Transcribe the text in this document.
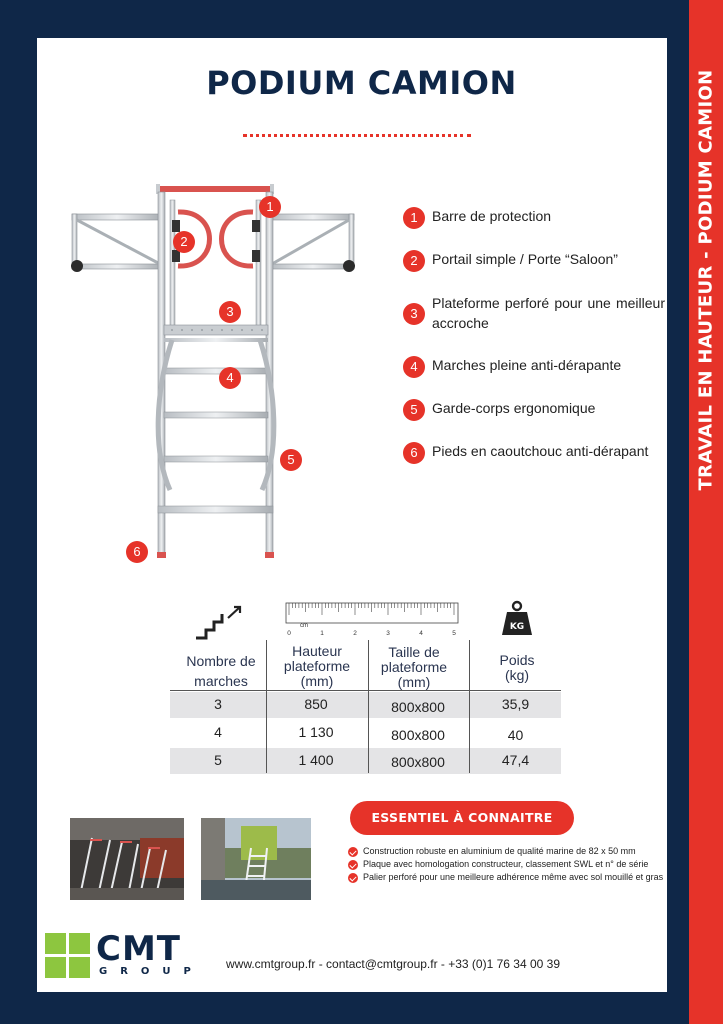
TRAVAIL EN HAUTEUR - PODIUM CAMION
PODIUM CAMION
1
2
3
4
5
6
1	Barre de protection
2	Portail simple / Porte “Saloon”
3
Plateforme perforé pour une meilleur accroche
4	Marches pleine anti-dérapante
5	Garde-corps ergonomique
6	Pieds en caoutchouc anti-dérapant
cm
0	1	2	3	4	5
KG
Nombre de
marches
Hauteur
plateforme
(mm)
Taille de
plateforme
(mm)
Poids
(kg)
3	850	800x800	35,9
4	1 130	800x800	40
5	1 400	800x800	47,4
ESSENTIEL À CONNAITRE
Construction robuste en aluminium de qualité marine de 82 x 50 mm
Plaque avec homologation constructeur, classement SWL et n° de série
Palier perforé pour une meilleure adhérence même avec sol mouillé et gras
CMT
GROUP
www.cmtgroup.fr - contact@cmtgroup.fr - +33 (0)1 76 34 00 39
